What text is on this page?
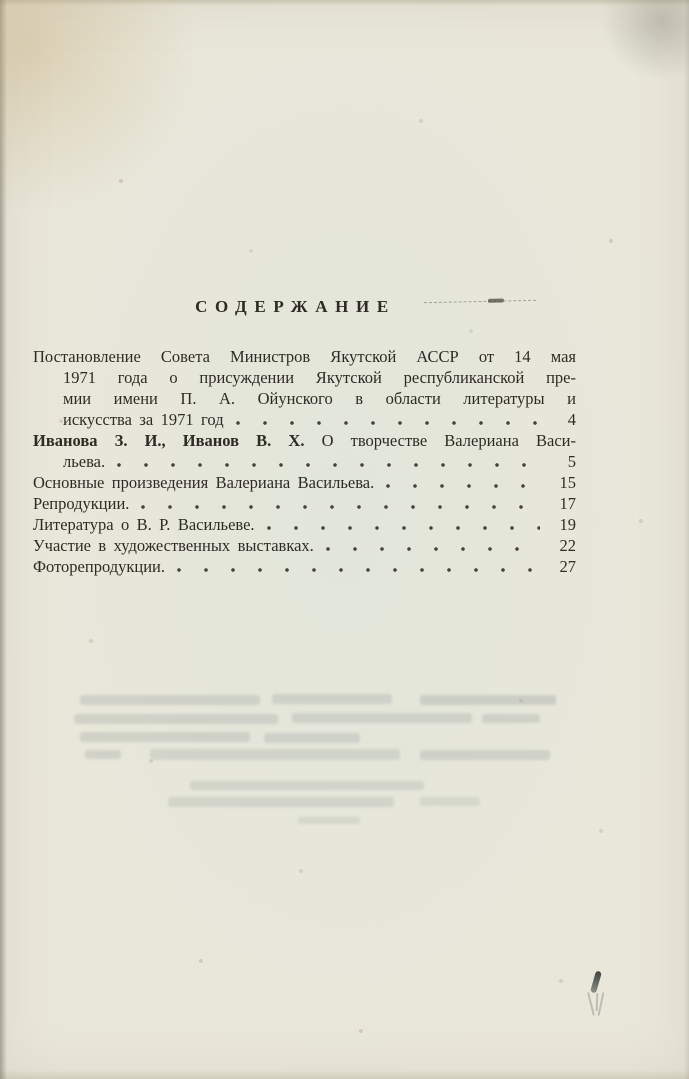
СОДЕРЖАНИЕ
Постановление Совета Министров Якутской АССР от 14 мая
1971 года о присуждении Якутской республиканской пре-
мии имени П. А. Ойунского в области литературы и
искусства за 1971 год	4
Иванова З. И., Иванов В. Х. О творчестве Валериана Васи-
льева.	5
Основные произведения Валериана Васильева.	15
Репродукции.	17
Литература о В. Р. Васильеве.	19
Участие в художественных выставках.	22
Фоторепродукции.	27
